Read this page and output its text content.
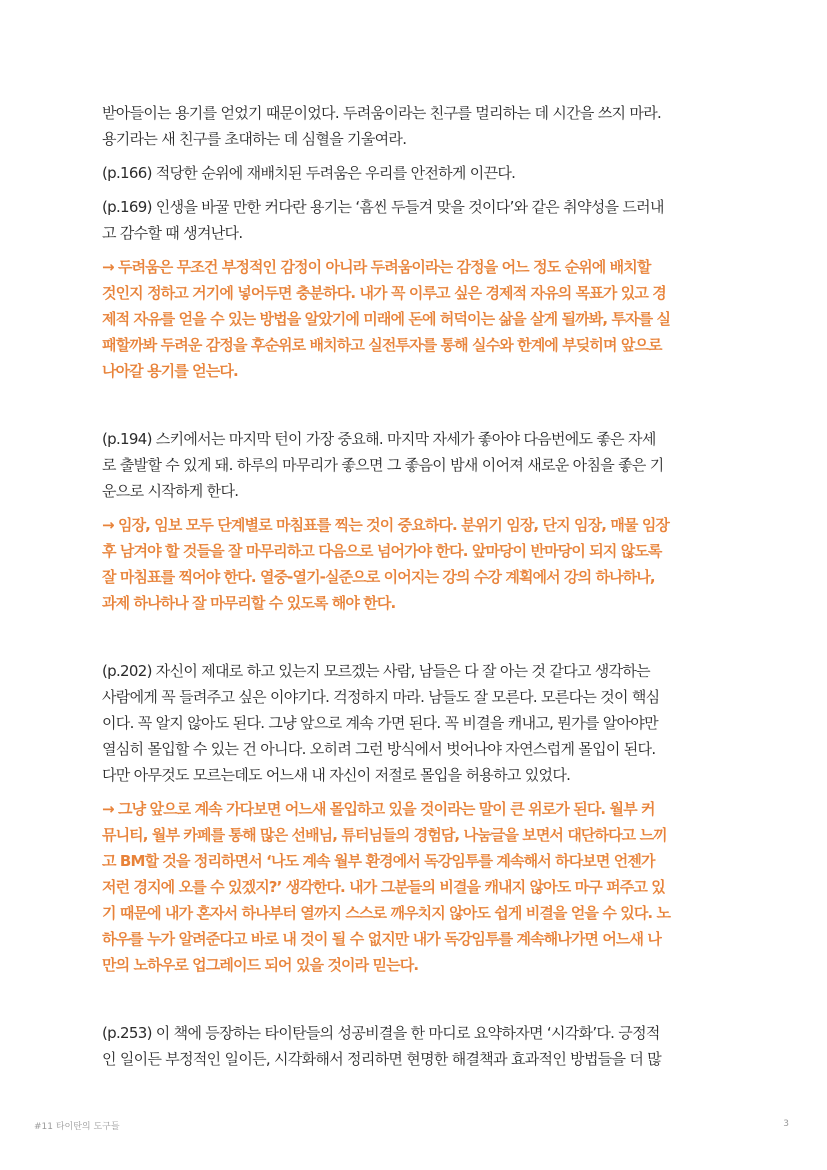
받아들이는 용기를 얻었기 때문이었다. 두려움이라는 친구를 멀리하는 데 시간을 쓰지 마라.
용기라는 새 친구를 초대하는 데 심혈을 기울여라.

(p.166) 적당한 순위에 재배치된 두려움은 우리를 안전하게 이끈다.

(p.169) 인생을 바꿀 만한 커다란 용기는 ‘흠씬 두들겨 맞을 것이다’와 같은 취약성을 드러내
고 감수할 때 생겨난다.

→ 두려움은 무조건 부정적인 감정이 아니라 두려움이라는 감정을 어느 정도 순위에 배치할
것인지 정하고 거기에 넣어두면 충분하다. 내가 꼭 이루고 싶은 경제적 자유의 목표가 있고 경
제적 자유를 얻을 수 있는 방법을 알았기에 미래에 돈에 허덕이는 삶을 살게 될까봐, 투자를 실
패할까봐 두려운 감정을 후순위로 배치하고 실전투자를 통해 실수와 한계에 부딪히며 앞으로
나아갈 용기를 얻는다.

(p.194) 스키에서는 마지막 턴이 가장 중요해. 마지막 자세가 좋아야 다음번에도 좋은 자세
로 출발할 수 있게 돼. 하루의 마무리가 좋으면 그 좋음이 밤새 이어져 새로운 아침을 좋은 기
운으로 시작하게 한다.

→ 임장, 임보 모두 단계별로 마침표를 찍는 것이 중요하다. 분위기 임장, 단지 임장, 매물 임장
후 남겨야 할 것들을 잘 마무리하고 다음으로 넘어가야 한다. 앞마당이 반마당이 되지 않도록
잘 마침표를 찍어야 한다. 열중-열기-실준으로 이어지는 강의 수강 계획에서 강의 하나하나,
과제 하나하나 잘 마무리할 수 있도록 해야 한다.

(p.202) 자신이 제대로 하고 있는지 모르겠는 사람, 남들은 다 잘 아는 것 같다고 생각하는
사람에게 꼭 들려주고 싶은 이야기다. 걱정하지 마라. 남들도 잘 모른다. 모른다는 것이 핵심
이다. 꼭 알지 않아도 된다. 그냥 앞으로 계속 가면 된다. 꼭 비결을 캐내고, 뭔가를 알아야만
열심히 몰입할 수 있는 건 아니다. 오히려 그런 방식에서 벗어나야 자연스럽게 몰입이 된다.
다만 아무것도 모르는데도 어느새 내 자신이 저절로 몰입을 허용하고 있었다.

→ 그냥 앞으로 계속 가다보면 어느새 몰입하고 있을 것이라는 말이 큰 위로가 된다. 월부 커
뮤니티, 월부 카페를 통해 많은 선배님, 튜터님들의 경험담, 나눔글을 보면서 대단하다고 느끼
고 BM할 것을 정리하면서 ‘나도 계속 월부 환경에서 독강임투를 계속해서 하다보면 언젠가
저런 경지에 오를 수 있겠지?’ 생각한다. 내가 그분들의 비결을 캐내지 않아도 마구 퍼주고 있
기 때문에 내가 혼자서 하나부터 열까지 스스로 깨우치지 않아도 쉽게 비결을 얻을 수 있다. 노
하우를 누가 알려준다고 바로 내 것이 될 수 없지만 내가 독강임투를 계속해나가면 어느새 나
만의 노하우로 업그레이드 되어 있을 것이라 믿는다.

(p.253) 이 책에 등장하는 타이탄들의 성공비결을 한 마디로 요약하자면 ‘시각화’다. 긍정적
인 일이든 부정적인 일이든, 시각화해서 정리하면 현명한 해결책과 효과적인 방법들을 더 많

#11 타이탄의 도구들	3
